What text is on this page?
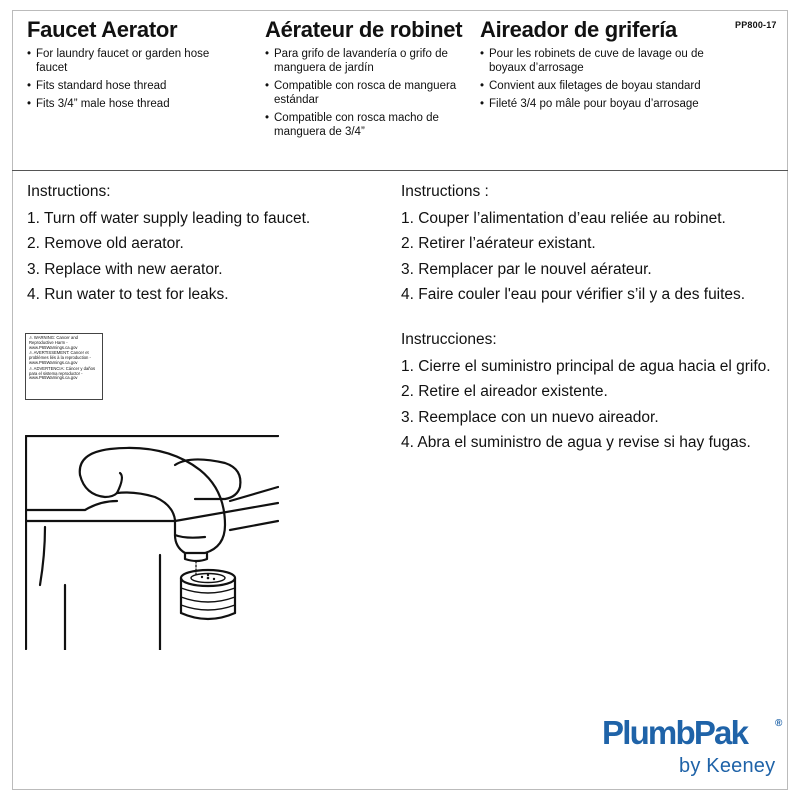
PP800-17
Faucet Aerator
• For laundry faucet or garden hose faucet
• Fits standard hose thread
• Fits 3/4” male hose thread
Aérateur de robinet
• Para grifo de lavandería o grifo de manguera de jardín
• Compatible con rosca de manguera estándar
• Compatible con rosca macho de manguera de 3/4”
Aireador de grifería
• Pour les robinets de cuve de lavage ou de boyaux d’arrosage
• Convient aux filetages de boyau standard
• Fileté 3/4 po mâle pour boyau d’arrosage
Instructions:
1. Turn off water supply leading to faucet.
2. Remove old aerator.
3. Replace with new aerator.
4. Run water to test for leaks.
Instructions :
1. Couper l’alimentation d’eau reliée au robinet.
2. Retirer l’aérateur existant.
3. Remplacer par le nouvel aérateur.
4. Faire couler l'eau pour vérifier s’il y a des fuites.
Instrucciones:
1. Cierre el suministro principal de agua hacia el grifo.
2. Retire el aireador existente.
3. Reemplace con un nuevo aireador.
4. Abra el suministro de agua y revise si hay fugas.
⚠ WARNING: Cancer and Reproductive Harm - www.P65Warnings.ca.gov
⚠ AVERTISSEMENT: Cancer et problèmes liés à la reproduction - www.P65Warnings.ca.gov
⚠ ADVERTENCIA: Cáncer y daños para el sistema reproductor - www.P65Warnings.ca.gov
PlumbPak	®
by Keeney
